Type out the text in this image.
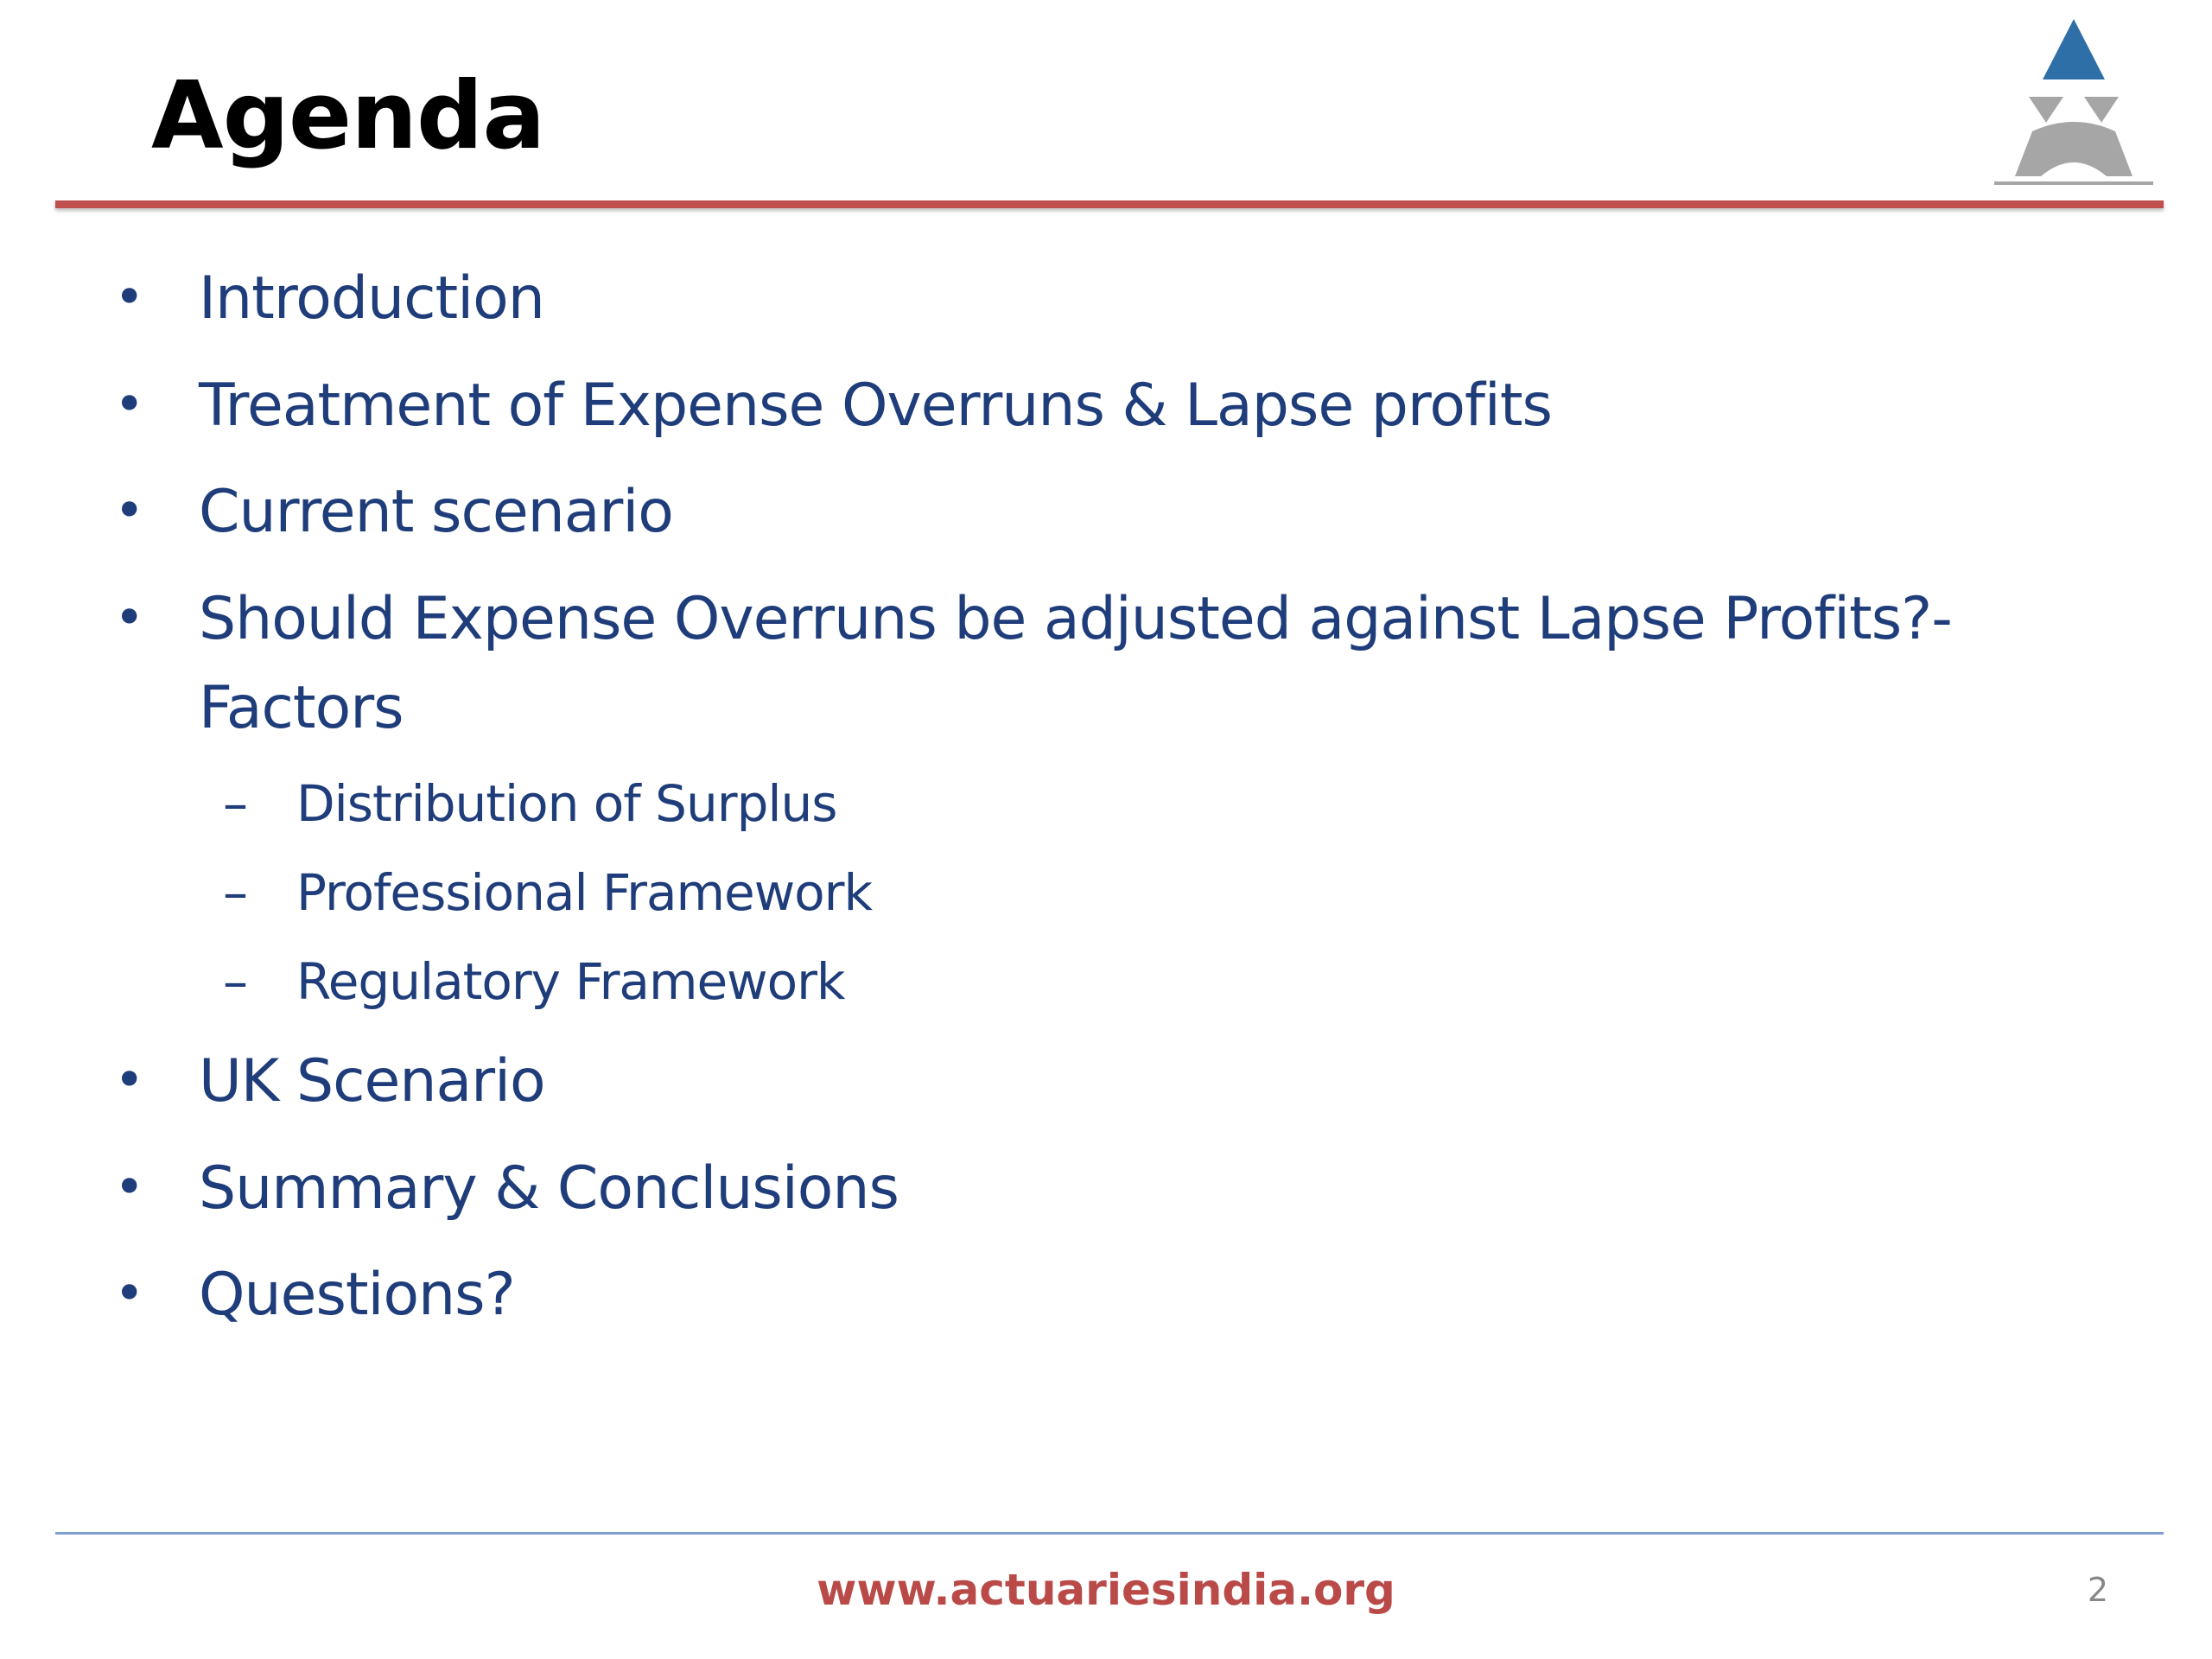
Agenda
• Introduction
• Treatment of Expense Overruns & Lapse profits
• Current scenario
• Should Expense Overruns be adjusted against Lapse Profits?- Factors
– Distribution of Surplus
– Professional Framework
– Regulatory Framework
• UK Scenario
• Summary & Conclusions
• Questions?
www.actuariesindia.org	2
